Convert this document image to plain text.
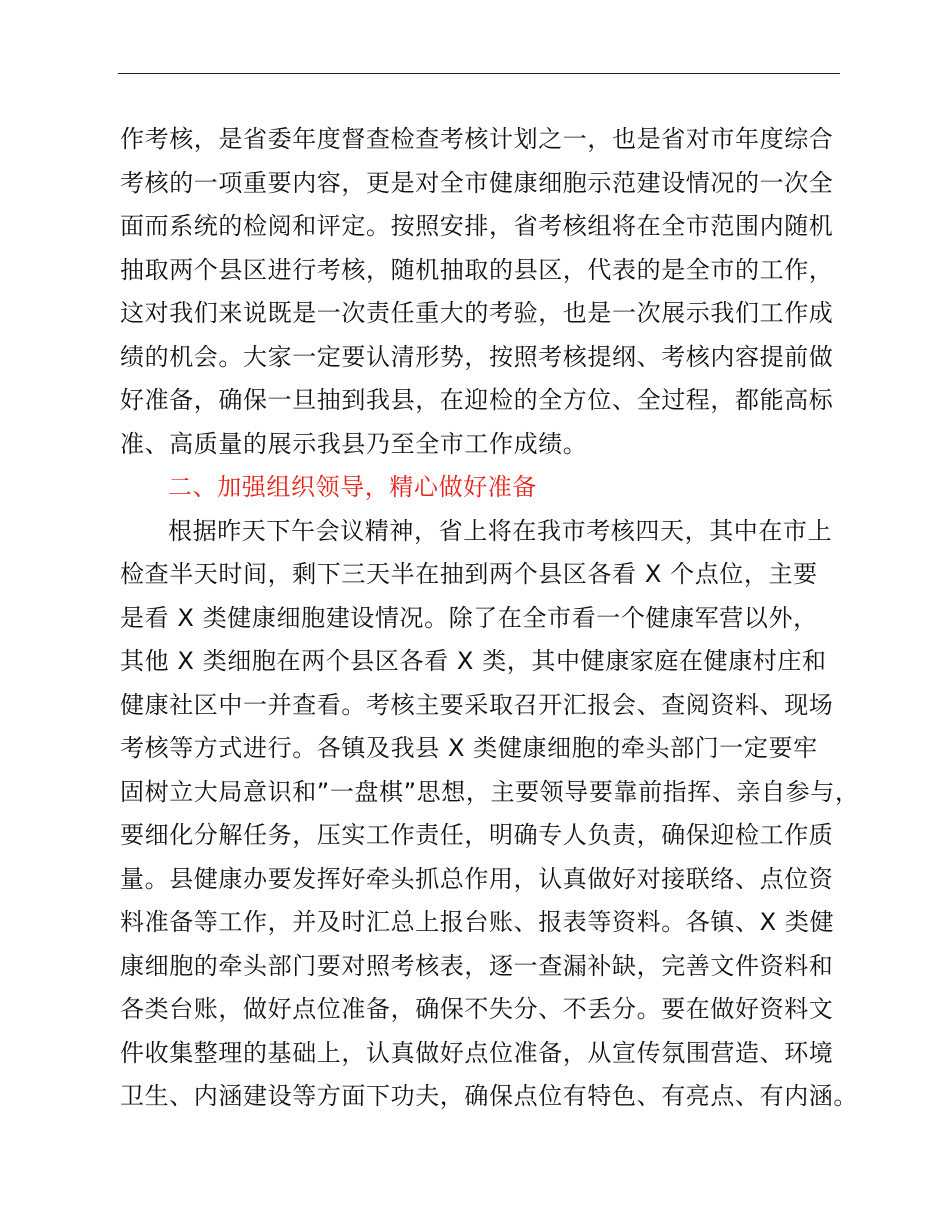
作考核，是省委年度督查检查考核计划之一，也是省对市年度综合
考核的一项重要内容，更是对全市健康细胞示范建设情况的一次全
面而系统的检阅和评定。按照安排，省考核组将在全市范围内随机
抽取两个县区进行考核，随机抽取的县区，代表的是全市的工作，
这对我们来说既是一次责任重大的考验，也是一次展示我们工作成
绩的机会。大家一定要认清形势，按照考核提纲、考核内容提前做
好准备，确保一旦抽到我县，在迎检的全方位、全过程，都能高标
准、高质量的展示我县乃至全市工作成绩。
二、加强组织领导，精心做好准备
根据昨天下午会议精神，省上将在我市考核四天，其中在市上
检查半天时间，剩下三天半在抽到两个县区各看 X 个点位，主要
是看 X 类健康细胞建设情况。除了在全市看一个健康军营以外，
其他 X 类细胞在两个县区各看 X 类，其中健康家庭在健康村庄和
健康社区中一并查看。考核主要采取召开汇报会、查阅资料、现场
考核等方式进行。各镇及我县 X 类健康细胞的牵头部门一定要牢
固树立大局意识和”一盘棋”思想，主要领导要靠前指挥、亲自参与，
要细化分解任务，压实工作责任，明确专人负责，确保迎检工作质
量。县健康办要发挥好牵头抓总作用，认真做好对接联络、点位资
料准备等工作，并及时汇总上报台账、报表等资料。各镇、X 类健
康细胞的牵头部门要对照考核表，逐一查漏补缺，完善文件资料和
各类台账，做好点位准备，确保不失分、不丢分。要在做好资料文
件收集整理的基础上，认真做好点位准备，从宣传氛围营造、环境
卫生、内涵建设等方面下功夫，确保点位有特色、有亮点、有内涵。
